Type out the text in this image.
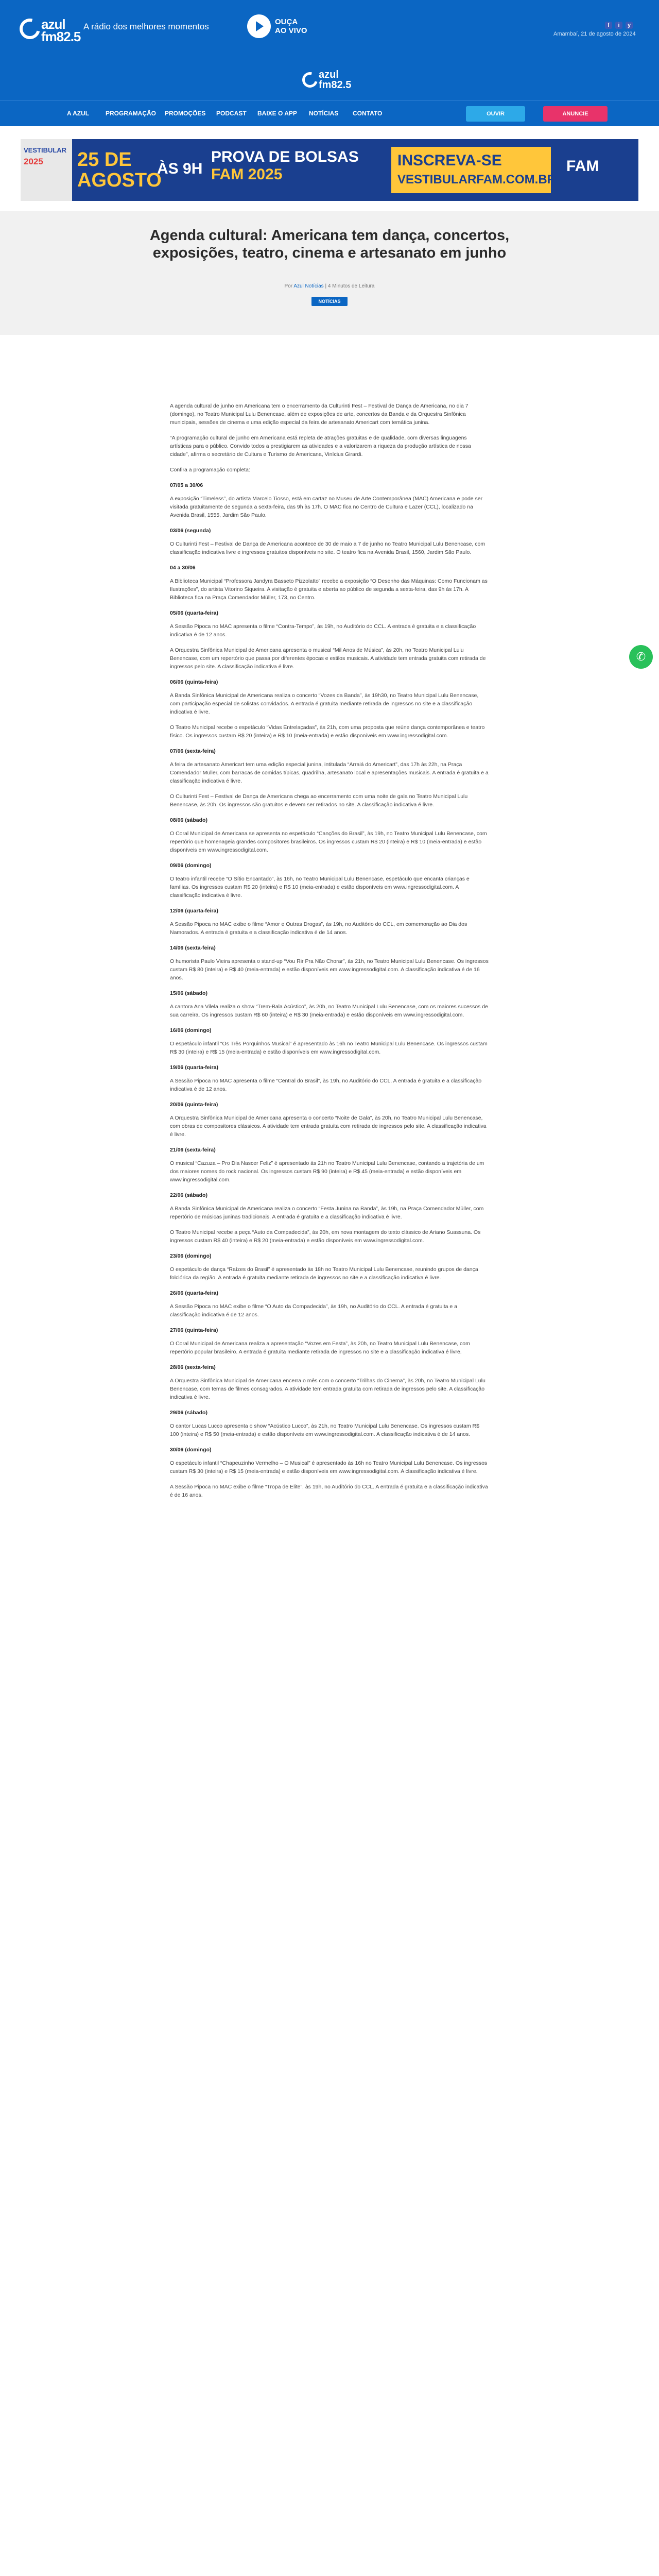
azul
fm82.5
A rádio dos melhores momentos	OUÇA
AO VIVO
f	i	y
Amambaí, 21 de agosto de 2024
azul
fm82.5
A AZUL	PROGRAMAÇÃO PROMOÇÕES PODCAST BAIXE O APP NOTÍCIAS CONTATO	OUVIR	ANUNCIE
VESTIBULAR
2025 25 DE
AGOSTO
ÀS 9H
PROVA DE BOLSAS
FAM 2025
INSCREVA-SE
VESTIBULARFAM.COM.BR
FAM
Agenda cultural: Americana tem dança, concertos, exposições, teatro, cinema e artesanato em junho
Por Azul Notícias | 4 Minutos de Leitura
NOTÍCIAS
A agenda cultural de junho em Americana tem o encerramento da Culturinti Fest – Festival de Dança de Americana, no dia 7 (domingo), no Teatro Municipal Lulu Benencase, além de exposições de arte, concertos da Banda e da Orquestra Sinfônica municipais, sessões de cinema e uma edição especial da feira de artesanato Americart com temática junina.
“A programação cultural de junho em Americana está repleta de atrações gratuitas e de qualidade, com diversas linguagens artísticas para o público. Convido todos a prestigiarem as atividades e a valorizarem a riqueza da produção artística de nossa cidade”, afirma o secretário de Cultura e Turismo de Americana, Vinícius Girardi.
Confira a programação completa:
07/05 a 30/06
A exposição “Timeless”, do artista Marcelo Tiosso, está em cartaz no Museu de Arte Contemporânea (MAC) Americana e pode ser visitada gratuitamente de segunda a sexta-feira, das 9h às 17h. O MAC fica no Centro de Cultura e Lazer (CCL), localizado na Avenida Brasil, 1555, Jardim São Paulo.
03/06 (segunda)
O Culturinti Fest – Festival de Dança de Americana acontece de 30 de maio a 7 de junho no Teatro Municipal Lulu Benencase, com classificação indicativa livre e ingressos gratuitos disponíveis no site. O teatro fica na Avenida Brasil, 1560, Jardim São Paulo.
04 a 30/06
A Biblioteca Municipal “Professora Jandyra Basseto Pizzolatto” recebe a exposição “O Desenho das Máquinas: Como Funcionam as Ilustrações”, do artista Vitorino Siqueira. A visitação é gratuita e aberta ao público de segunda a sexta-feira, das 9h às 17h. A Biblioteca fica na Praça Comendador Müller, 173, no Centro.
05/06 (quarta-feira)
A Sessão Pipoca no MAC apresenta o filme “Contra-Tempo”, às 19h, no Auditório do CCL. A entrada é gratuita e a classificação indicativa é de 12 anos.
A Orquestra Sinfônica Municipal de Americana apresenta o musical “Mil Anos de Música”, às 20h, no Teatro Municipal Lulu Benencase, com um repertório que passa por diferentes épocas e estilos musicais. A atividade tem entrada gratuita com retirada de ingressos pelo site. A classificação indicativa é livre.
06/06 (quinta-feira)
A Banda Sinfônica Municipal de Americana realiza o concerto “Vozes da Banda”, às 19h30, no Teatro Municipal Lulu Benencase, com participação especial de solistas convidados. A entrada é gratuita mediante retirada de ingressos no site e a classificação indicativa é livre.
O Teatro Municipal recebe o espetáculo “Vidas Entrelaçadas”, às 21h, com uma proposta que reúne dança contemporânea e teatro físico. Os ingressos custam R$ 20 (inteira) e R$ 10 (meia-entrada) e estão disponíveis em www.ingressodigital.com.
07/06 (sexta-feira)
A feira de artesanato Americart tem uma edição especial junina, intitulada “Arraiá do Americart”, das 17h às 22h, na Praça Comendador Müller, com barracas de comidas típicas, quadrilha, artesanato local e apresentações musicais. A entrada é gratuita e a classificação indicativa é livre.
O Culturinti Fest – Festival de Dança de Americana chega ao encerramento com uma noite de gala no Teatro Municipal Lulu Benencase, às 20h. Os ingressos são gratuitos e devem ser retirados no site. A classificação indicativa é livre.
08/06 (sábado)
O Coral Municipal de Americana se apresenta no espetáculo “Canções do Brasil”, às 19h, no Teatro Municipal Lulu Benencase, com repertório que homenageia grandes compositores brasileiros. Os ingressos custam R$ 20 (inteira) e R$ 10 (meia-entrada) e estão disponíveis em www.ingressodigital.com.
09/06 (domingo)
O teatro infantil recebe “O Sítio Encantado”, às 16h, no Teatro Municipal Lulu Benencase, espetáculo que encanta crianças e famílias. Os ingressos custam R$ 20 (inteira) e R$ 10 (meia-entrada) e estão disponíveis em www.ingressodigital.com. A classificação indicativa é livre.
12/06 (quarta-feira)
A Sessão Pipoca no MAC exibe o filme “Amor e Outras Drogas”, às 19h, no Auditório do CCL, em comemoração ao Dia dos Namorados. A entrada é gratuita e a classificação indicativa é de 14 anos.
14/06 (sexta-feira)
O humorista Paulo Vieira apresenta o stand-up “Vou Rir Pra Não Chorar”, às 21h, no Teatro Municipal Lulu Benencase. Os ingressos custam R$ 80 (inteira) e R$ 40 (meia-entrada) e estão disponíveis em www.ingressodigital.com. A classificação indicativa é de 16 anos.
15/06 (sábado)
A cantora Ana Vilela realiza o show “Trem-Bala Acústico”, às 20h, no Teatro Municipal Lulu Benencase, com os maiores sucessos de sua carreira. Os ingressos custam R$ 60 (inteira) e R$ 30 (meia-entrada) e estão disponíveis em www.ingressodigital.com.
16/06 (domingo)
O espetáculo infantil “Os Três Porquinhos Musical” é apresentado às 16h no Teatro Municipal Lulu Benencase. Os ingressos custam R$ 30 (inteira) e R$ 15 (meia-entrada) e estão disponíveis em www.ingressodigital.com.
19/06 (quarta-feira)
A Sessão Pipoca no MAC apresenta o filme “Central do Brasil”, às 19h, no Auditório do CCL. A entrada é gratuita e a classificação indicativa é de 12 anos.
20/06 (quinta-feira)
A Orquestra Sinfônica Municipal de Americana apresenta o concerto “Noite de Gala”, às 20h, no Teatro Municipal Lulu Benencase, com obras de compositores clássicos. A atividade tem entrada gratuita com retirada de ingressos pelo site. A classificação indicativa é livre.
21/06 (sexta-feira)
O musical “Cazuza – Pro Dia Nascer Feliz” é apresentado às 21h no Teatro Municipal Lulu Benencase, contando a trajetória de um dos maiores nomes do rock nacional. Os ingressos custam R$ 90 (inteira) e R$ 45 (meia-entrada) e estão disponíveis em www.ingressodigital.com.
22/06 (sábado)
A Banda Sinfônica Municipal de Americana realiza o concerto “Festa Junina na Banda”, às 19h, na Praça Comendador Müller, com repertório de músicas juninas tradicionais. A entrada é gratuita e a classificação indicativa é livre.
O Teatro Municipal recebe a peça “Auto da Compadecida”, às 20h, em nova montagem do texto clássico de Ariano Suassuna. Os ingressos custam R$ 40 (inteira) e R$ 20 (meia-entrada) e estão disponíveis em www.ingressodigital.com.
23/06 (domingo)
O espetáculo de dança “Raízes do Brasil” é apresentado às 18h no Teatro Municipal Lulu Benencase, reunindo grupos de dança folclórica da região. A entrada é gratuita mediante retirada de ingressos no site e a classificação indicativa é livre.
26/06 (quarta-feira)
A Sessão Pipoca no MAC exibe o filme “O Auto da Compadecida”, às 19h, no Auditório do CCL. A entrada é gratuita e a classificação indicativa é de 12 anos.
27/06 (quinta-feira)
O Coral Municipal de Americana realiza a apresentação “Vozes em Festa”, às 20h, no Teatro Municipal Lulu Benencase, com repertório popular brasileiro. A entrada é gratuita mediante retirada de ingressos no site e a classificação indicativa é livre.
28/06 (sexta-feira)
A Orquestra Sinfônica Municipal de Americana encerra o mês com o concerto “Trilhas do Cinema”, às 20h, no Teatro Municipal Lulu Benencase, com temas de filmes consagrados. A atividade tem entrada gratuita com retirada de ingressos pelo site. A classificação indicativa é livre.
29/06 (sábado)
O cantor Lucas Lucco apresenta o show “Acústico Lucco”, às 21h, no Teatro Municipal Lulu Benencase. Os ingressos custam R$ 100 (inteira) e R$ 50 (meia-entrada) e estão disponíveis em www.ingressodigital.com. A classificação indicativa é de 14 anos.
30/06 (domingo)
O espetáculo infantil “Chapeuzinho Vermelho – O Musical” é apresentado às 16h no Teatro Municipal Lulu Benencase. Os ingressos custam R$ 30 (inteira) e R$ 15 (meia-entrada) e estão disponíveis em www.ingressodigital.com. A classificação indicativa é livre.
A Sessão Pipoca no MAC exibe o filme “Tropa de Elite”, às 19h, no Auditório do CCL. A entrada é gratuita e a classificação indicativa é de 16 anos.
✆
